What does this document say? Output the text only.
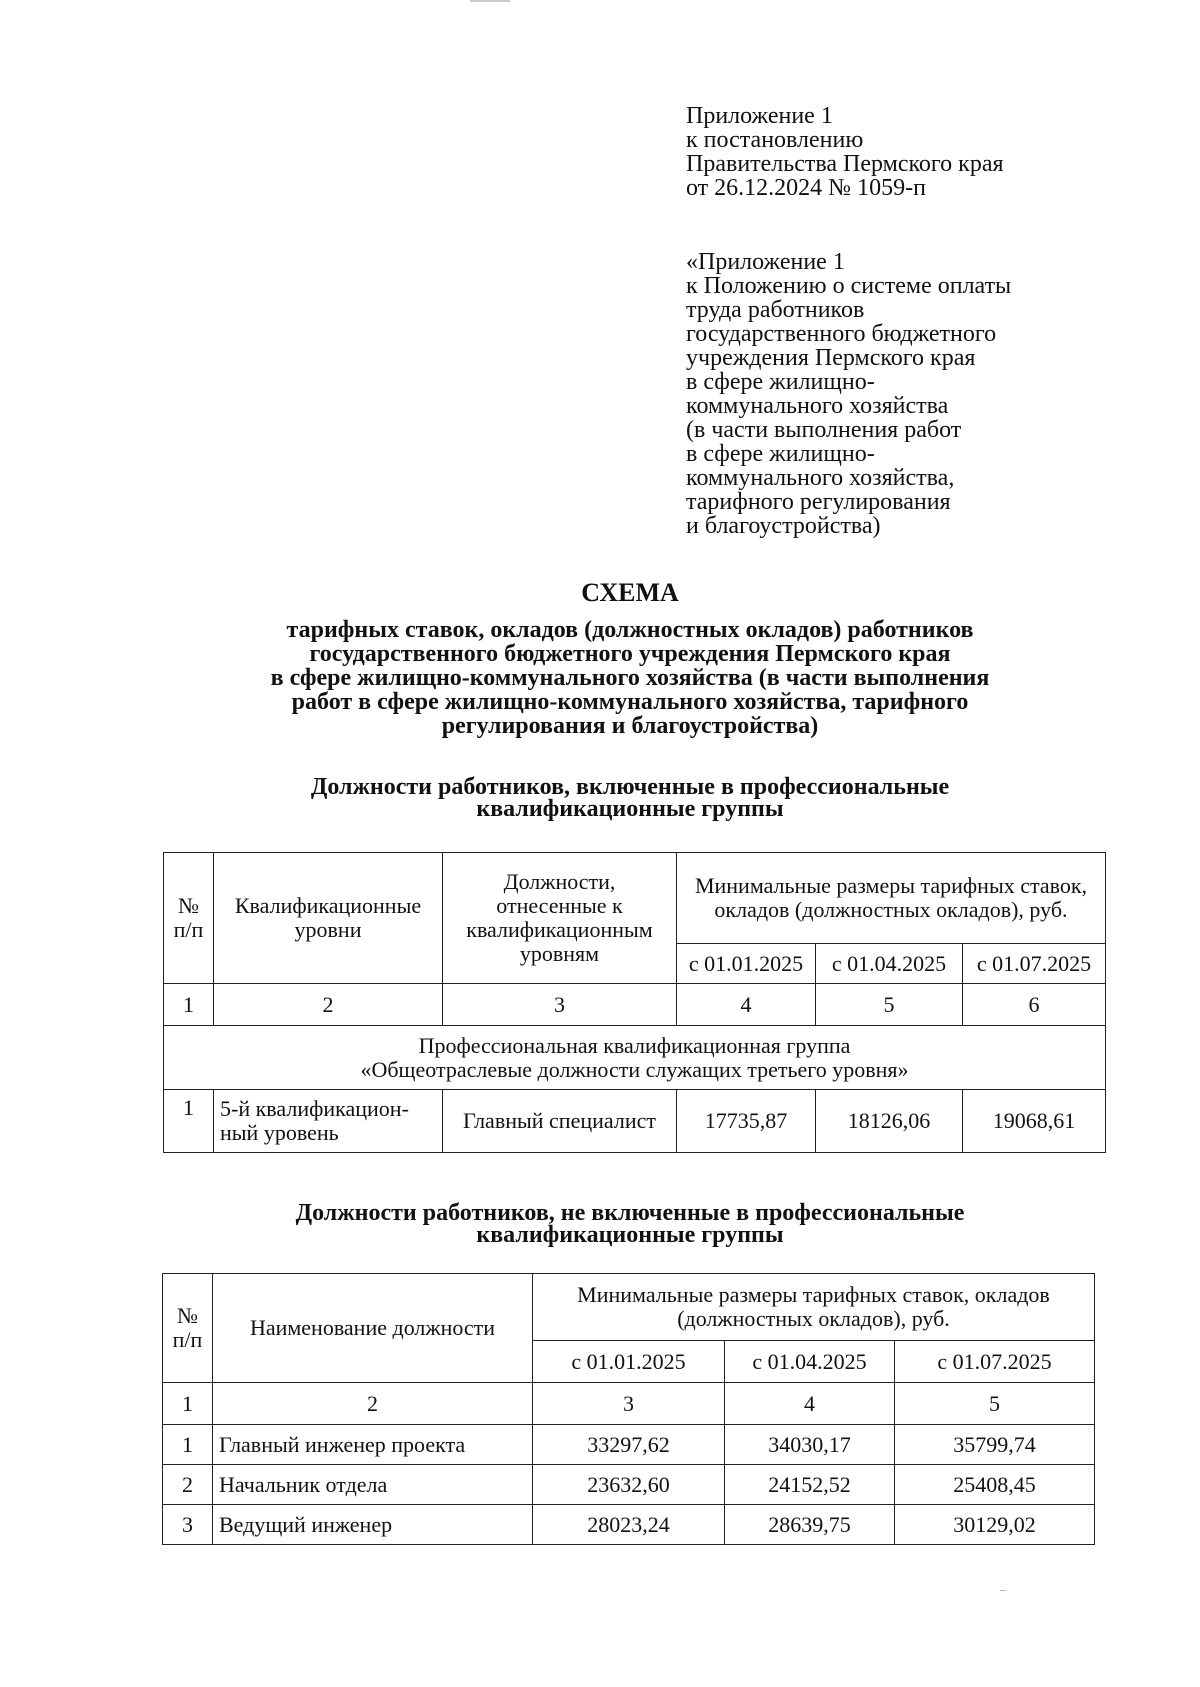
Приложение 1
к постановлению
Правительства Пермского края
от 26.12.2024 № 1059-п
«Приложение 1
к Положению о системе оплаты
труда работников
государственного бюджетного
учреждения Пермского края
в сфере жилищно-
коммунального хозяйства
(в части выполнения работ
в сфере жилищно-
коммунального хозяйства,
тарифного регулирования
и благоустройства)
СХЕМА
тарифных ставок, окладов (должностных окладов) работников
государственного бюджетного учреждения Пермского края
в сфере жилищно-коммунального хозяйства (в части выполнения
работ в сфере жилищно-коммунального хозяйства, тарифного
регулирования и благоустройства)
Должности работников, включенные в профессиональные
квалификационные группы
№ п/п	Квалификационные уровни	Должности, отнесенные к квалификационным уровням	Минимальные размеры тарифных ставок, окладов (должностных окладов), руб.		
			с 01.01.2025	с 01.04.2025	с 01.07.2025
1	2	3	4	5	6

Профессиональная квалификационная группа
«Общеотраслевые должности служащих третьего уровня»					

1	5-й квалификацион-ный уровень	Главный специалист	17735,87	18126,06	19068,61
Должности работников, не включенные в профессиональные
квалификационные группы
№ п/п	Наименование должности	Минимальные размеры тарифных ставок, окладов (должностных окладов), руб.		
		с 01.01.2025	с 01.04.2025	с 01.07.2025
1	2	3	4	5
1	Главный инженер проекта	33297,62	34030,17	35799,74
2	Начальник отдела	23632,60	24152,52	25408,45
3	Ведущий инженер	28023,24	28639,75	30129,02
